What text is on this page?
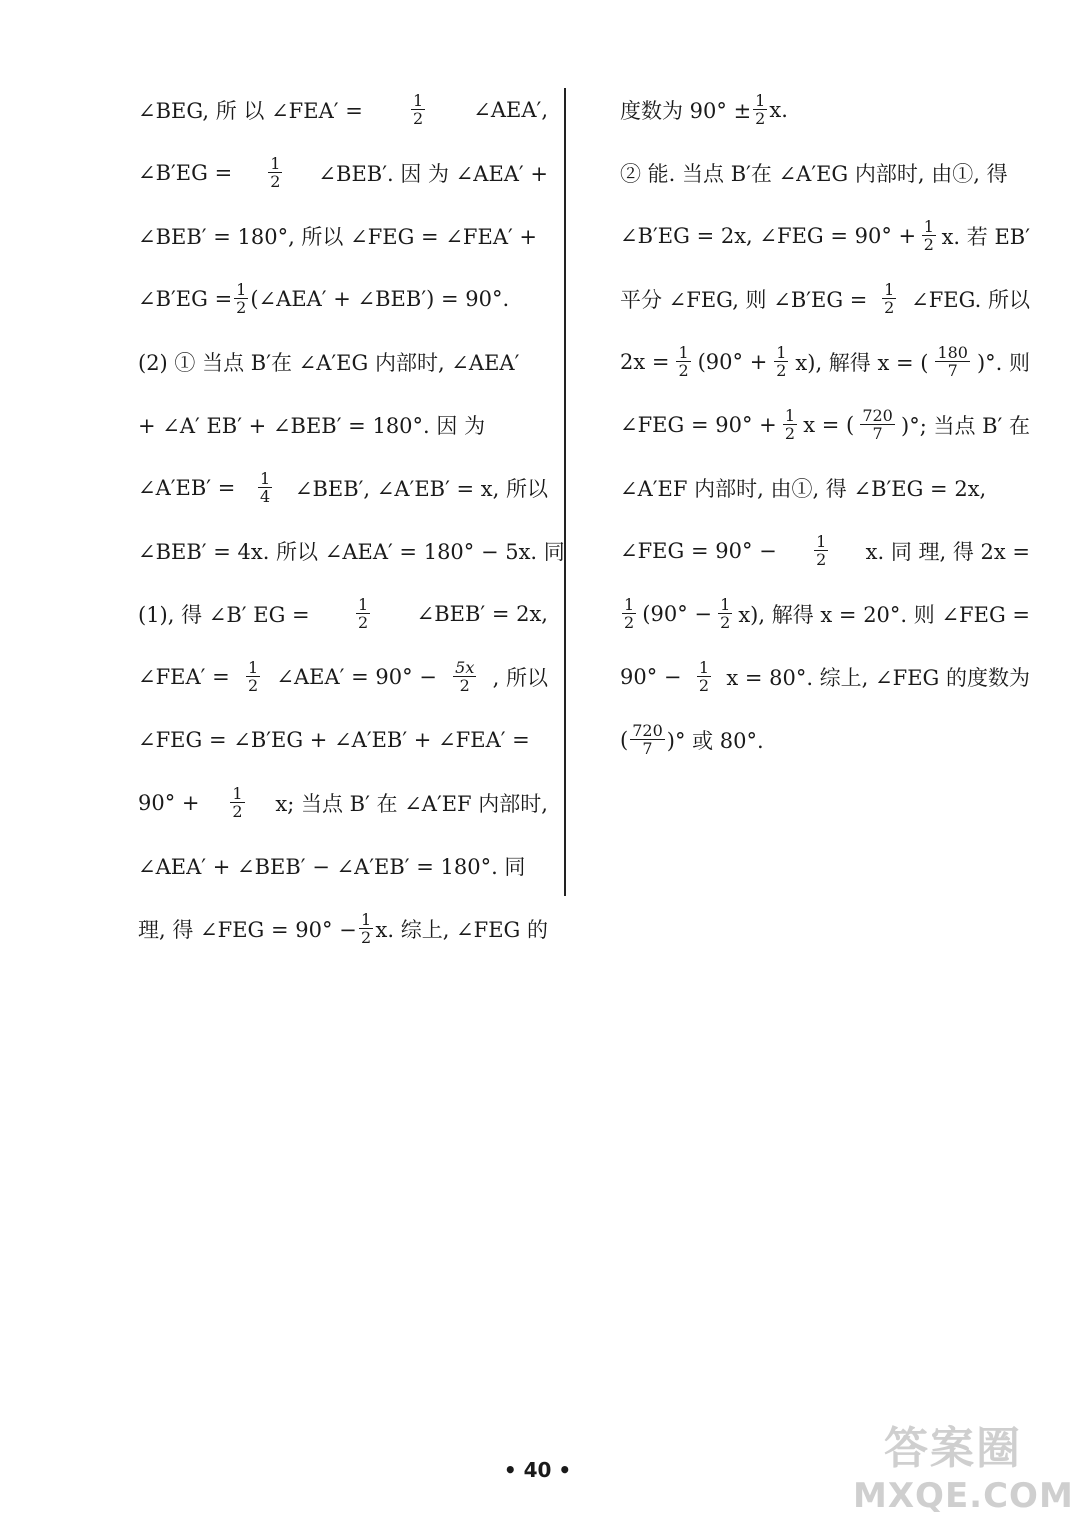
∠BEG, 所 以 ∠FEA′ =	$\frac{1}{2}$ ∠AEA′,
∠B′EG = $\frac{1}{2}$ ∠BEB′. 因 为 ∠AEA′ +
∠BEB′ = 180°, 所以 ∠FEG = ∠FEA′ +
∠B′EG = $\frac{1}{2}$ (∠AEA′ + ∠BEB′) = 90°.
(2) ① 当点 B′在 ∠A′EG 内部时, ∠AEA′
+ ∠A′ EB′ + ∠BEB′ = 180°. 因 为
∠A′EB′ = $\frac{1}{4}$ ∠BEB′, ∠A′EB′ = x, 所以
∠BEB′ = 4x. 所以 ∠AEA′ = 180° − 5x. 同
(1), 得 ∠B′ EG =	$\frac{1}{2}$ ∠BEB′ = 2x,
∠FEA′ = $\frac{1}{2}$ ∠AEA′ = $90^\circ - \frac{5x}{2}$ , 所以
∠FEG = ∠B′EG + ∠A′EB′ + ∠FEA′ =
$90^\circ + \frac{1}{2} x$; 当点 B′ 在 ∠A′EF 内部时,
∠AEA′ + ∠BEB′ − ∠A′EB′ = 180°. 同
理, 得 ∠FEG = $90^\circ - \frac{1}{2} x$. 综上, ∠FEG 的
度数为 $90^\circ \pm \frac{1}{2} x$.
② 能. 当点 B′在 ∠A′EG 内部时, 由①, 得
∠B′EG = 2x, ∠FEG = $90^\circ + \frac{1}{2} x$. 若 EB′
平分 ∠FEG, 则 ∠B′EG = $\frac{1}{2}$ ∠FEG. 所以
$2x = \frac{1}{2} (90^\circ + \frac{1}{2} x)$, 解得 x = ( $\frac{180}{7}$ )°. 则
∠FEG = $90^\circ + \frac{1}{2}$ x = ( $\frac{720}{7}$ )°; 当点 B′ 在
∠A′EF 内部时, 由①, 得 ∠B′EG = 2x,
∠FEG = $90^\circ - \frac{1}{2} x$. 同 理, 得 2x =
$\frac{1}{2} (90^\circ - \frac{1}{2} x)$, 解得 x = 20°. 则 ∠FEG =
$90^\circ - \frac{1}{2}$ x = 80°. 综上, ∠FEG 的度数为
( $\frac{720}{7}$ )° 或 80°.
• 40 •	答案圈
MXQE.COM
